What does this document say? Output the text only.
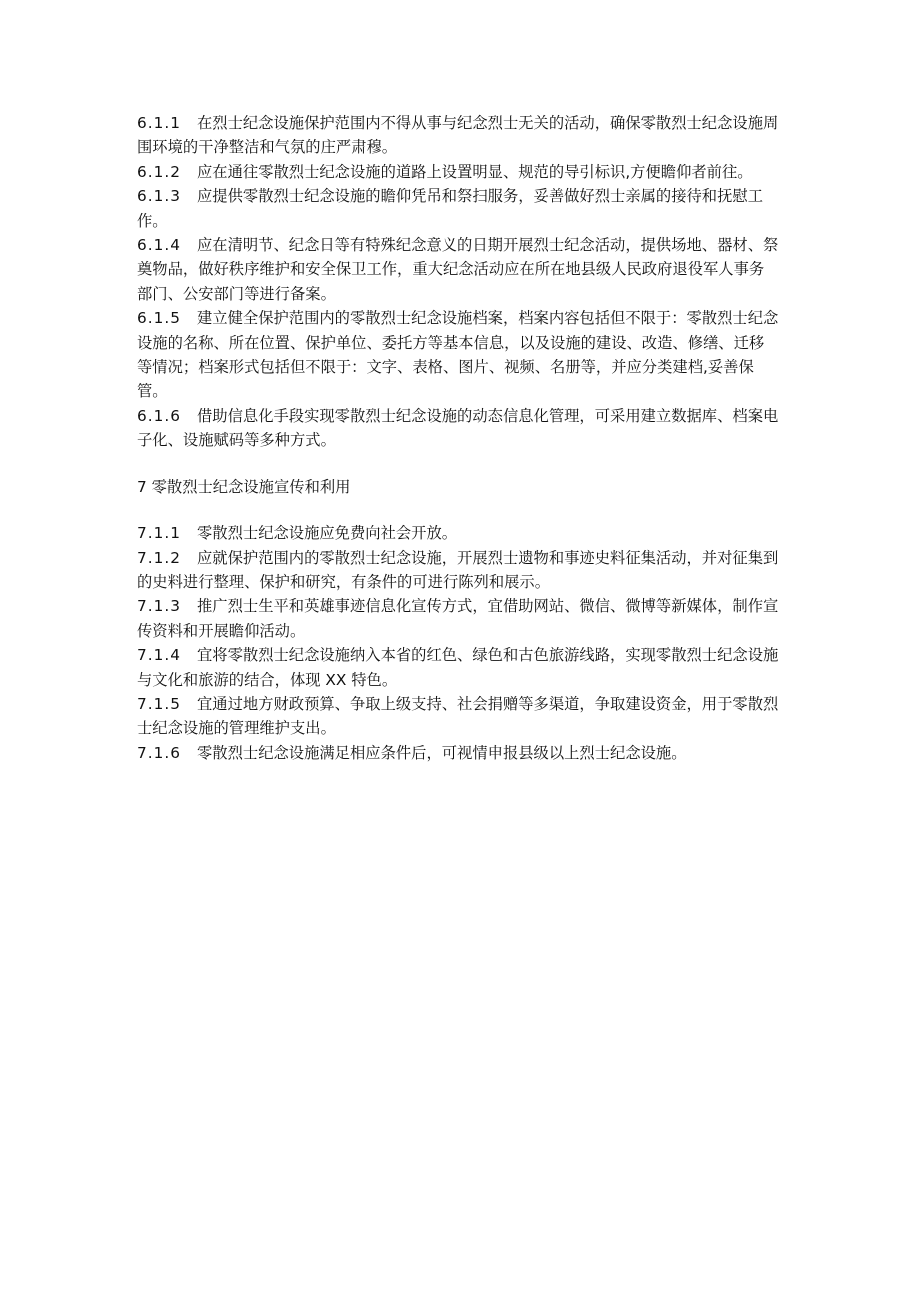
6.1.1 在烈士纪念设施保护范围内不得从事与纪念烈士无关的活动，确保零散烈士纪念设施周
围环境的干净整洁和气氛的庄严肃穆。
6.1.2 应在通往零散烈士纪念设施的道路上设置明显、规范的导引标识,方便瞻仰者前往。
6.1.3 应提供零散烈士纪念设施的瞻仰凭吊和祭扫服务，妥善做好烈士亲属的接待和抚慰工
作。
6.1.4 应在清明节、纪念日等有特殊纪念意义的日期开展烈士纪念活动，提供场地、器材、祭
奠物品，做好秩序维护和安全保卫工作，重大纪念活动应在所在地县级人民政府退役军人事务
部门、公安部门等进行备案。
6.1.5 建立健全保护范围内的零散烈士纪念设施档案，档案内容包括但不限于：零散烈士纪念
设施的名称、所在位置、保护单位、委托方等基本信息，以及设施的建设、改造、修缮、迁移
等情况；档案形式包括但不限于：文字、表格、图片、视频、名册等，并应分类建档,妥善保
管。
6.1.6 借助信息化手段实现零散烈士纪念设施的动态信息化管理，可采用建立数据库、档案电
子化、设施赋码等多种方式。
7 零散烈士纪念设施宣传和利用
7.1.1 零散烈士纪念设施应免费向社会开放。
7.1.2 应就保护范围内的零散烈士纪念设施，开展烈士遗物和事迹史料征集活动，并对征集到
的史料进行整理、保护和研究，有条件的可进行陈列和展示。
7.1.3 推广烈士生平和英雄事迹信息化宣传方式，宜借助网站、微信、微博等新媒体，制作宣
传资料和开展瞻仰活动。
7.1.4 宜将零散烈士纪念设施纳入本省的红色、绿色和古色旅游线路，实现零散烈士纪念设施
与文化和旅游的结合，体现 XX 特色。
7.1.5 宜通过地方财政预算、争取上级支持、社会捐赠等多渠道，争取建设资金，用于零散烈
士纪念设施的管理维护支出。
7.1.6 零散烈士纪念设施满足相应条件后，可视情申报县级以上烈士纪念设施。
